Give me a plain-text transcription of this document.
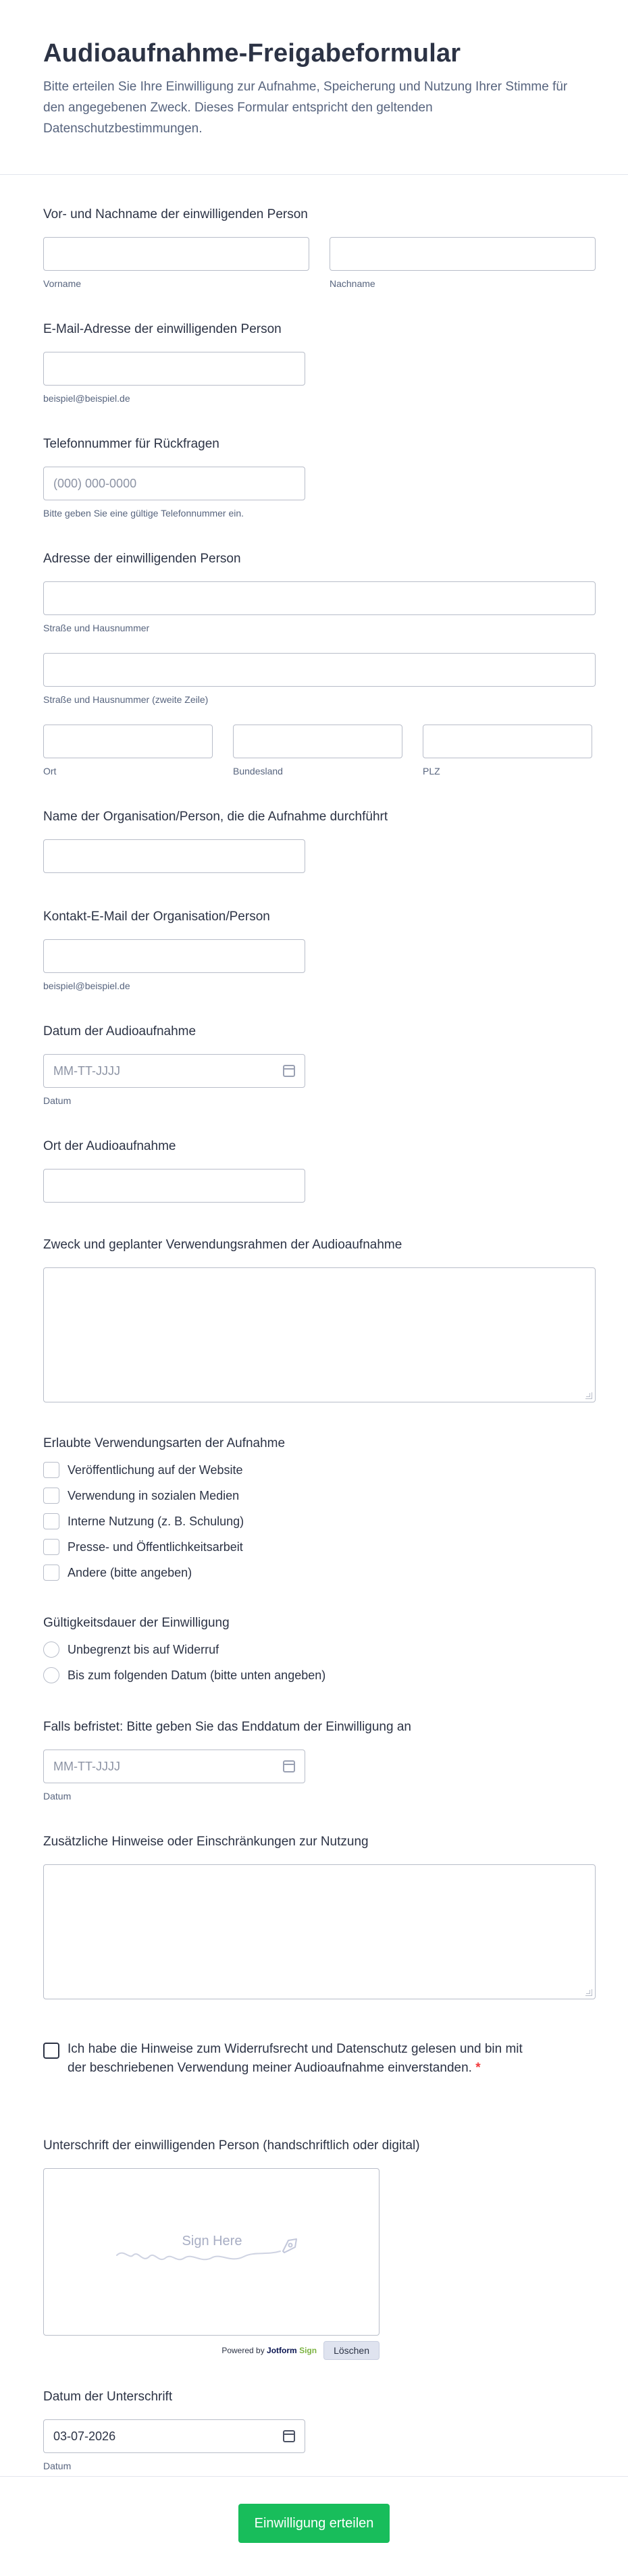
Audioaufnahme-Freigabeformular

Bitte erteilen Sie Ihre Einwilligung zur Aufnahme, Speicherung und Nutzung Ihrer Stimme für den angegebenen Zweck. Dieses Formular entspricht den geltenden Datenschutzbestimmungen.

Vor- und Nachname der einwilligenden Person
Vorname	Nachname
E-Mail-Adresse der einwilligenden Person
beispiel@beispiel.de
Telefonnummer für Rückfragen
(000) 000-0000
Bitte geben Sie eine gültige Telefonnummer ein.
Adresse der einwilligenden Person
Straße und Hausnummer
Straße und Hausnummer (zweite Zeile)
Ort	Bundesland	PLZ
Name der Organisation/Person, die die Aufnahme durchführt
Kontakt-E-Mail der Organisation/Person
beispiel@beispiel.de
Datum der Audioaufnahme
MM-TT-JJJJ
Datum
Ort der Audioaufnahme
Zweck und geplanter Verwendungsrahmen der Audioaufnahme
Erlaubte Verwendungsarten der Aufnahme
Veröffentlichung auf der Website
Verwendung in sozialen Medien
Interne Nutzung (z. B. Schulung)
Presse- und Öffentlichkeitsarbeit
Andere (bitte angeben)
Gültigkeitsdauer der Einwilligung
Unbegrenzt bis auf Widerruf
Bis zum folgenden Datum (bitte unten angeben)
Falls befristet: Bitte geben Sie das Enddatum der Einwilligung an
MM-TT-JJJJ
Datum
Zusätzliche Hinweise oder Einschränkungen zur Nutzung
Ich habe die Hinweise zum Widerrufsrecht und Datenschutz gelesen und bin mit der beschriebenen Verwendung meiner Audioaufnahme einverstanden. *
Unterschrift der einwilligenden Person (handschriftlich oder digital)
Sign Here
Powered by Jotform Sign	Löschen
Datum der Unterschrift
03-07-2026
Datum
Einwilligung erteilen
